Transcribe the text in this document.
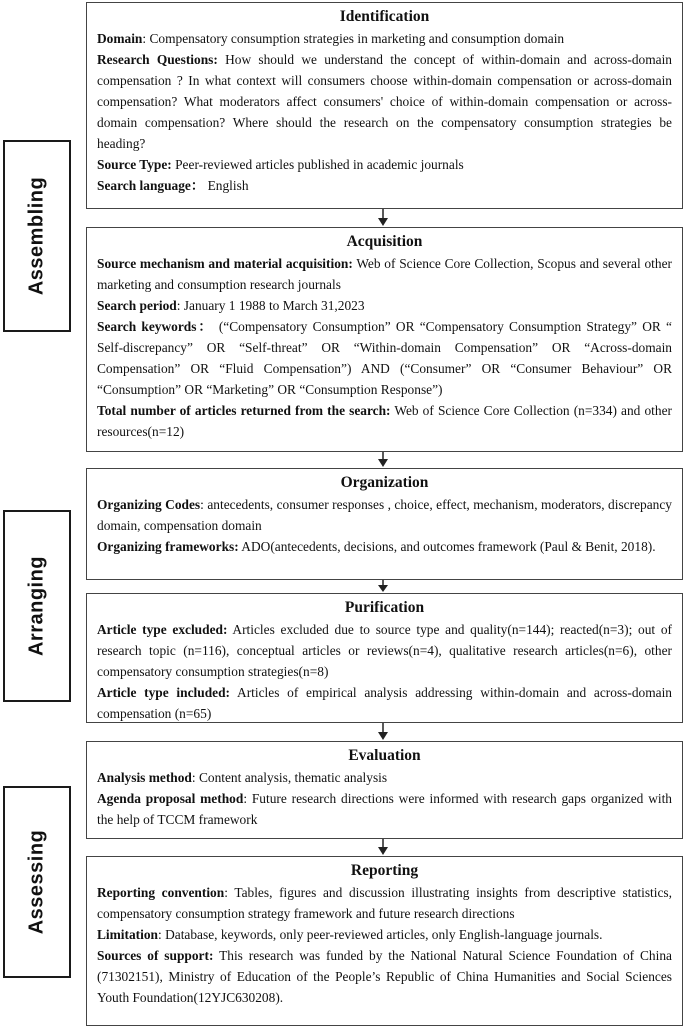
Assembling
Arranging
Assessing
Identification

Domain: Compensatory consumption strategies in marketing and consumption domain

Research Questions: How should we understand the concept of within-domain and across-domain compensation ? In what context will consumers choose within-domain compensation or across-domain compensation? What moderators affect consumers' choice of within-domain compensation or across-domain compensation? Where should the research on the compensatory consumption strategies be heading?

Source Type: Peer-reviewed articles published in academic journals

Search language： English

Acquisition

Source mechanism and material acquisition: Web of Science Core Collection, Scopus and several other marketing and consumption research journals

Search period: January 1 1988 to March 31,2023

Search keywords： (“Compensatory Consumption” OR “Compensatory Consumption Strategy” OR “ Self-discrepancy” OR “Self-threat” OR “Within-domain Compensation” OR “Across-domain Compensation” OR “Fluid Compensation”) AND (“Consumer” OR “Consumer Behaviour” OR “Consumption” OR “Marketing” OR “Consumption Response”)

Total number of articles returned from the search: Web of Science Core Collection (n=334) and other resources(n=12)

Organization

Organizing Codes: antecedents, consumer responses , choice, effect, mechanism, moderators, discrepancy domain, compensation domain

Organizing frameworks: ADO(antecedents, decisions, and outcomes framework (Paul & Benit, 2018).

Purification

Article type excluded: Articles excluded due to source type and quality(n=144); reacted(n=3); out of research topic (n=116), conceptual articles or reviews(n=4), qualitative research articles(n=6), other compensatory consumption strategies(n=8)

Article type included: Articles of empirical analysis addressing within-domain and across-domain compensation (n=65)

Evaluation

Analysis method: Content analysis, thematic analysis

Agenda proposal method: Future research directions were informed with research gaps organized with the help of TCCM framework

Reporting

Reporting convention: Tables, figures and discussion illustrating insights from descriptive statistics, compensatory consumption strategy framework and future research directions

Limitation: Database, keywords, only peer-reviewed articles, only English-language journals.

Sources of support: This research was funded by the National Natural Science Foundation of China (71302151), Ministry of Education of the People’s Republic of China Humanities and Social Sciences Youth Foundation(12YJC630208).
